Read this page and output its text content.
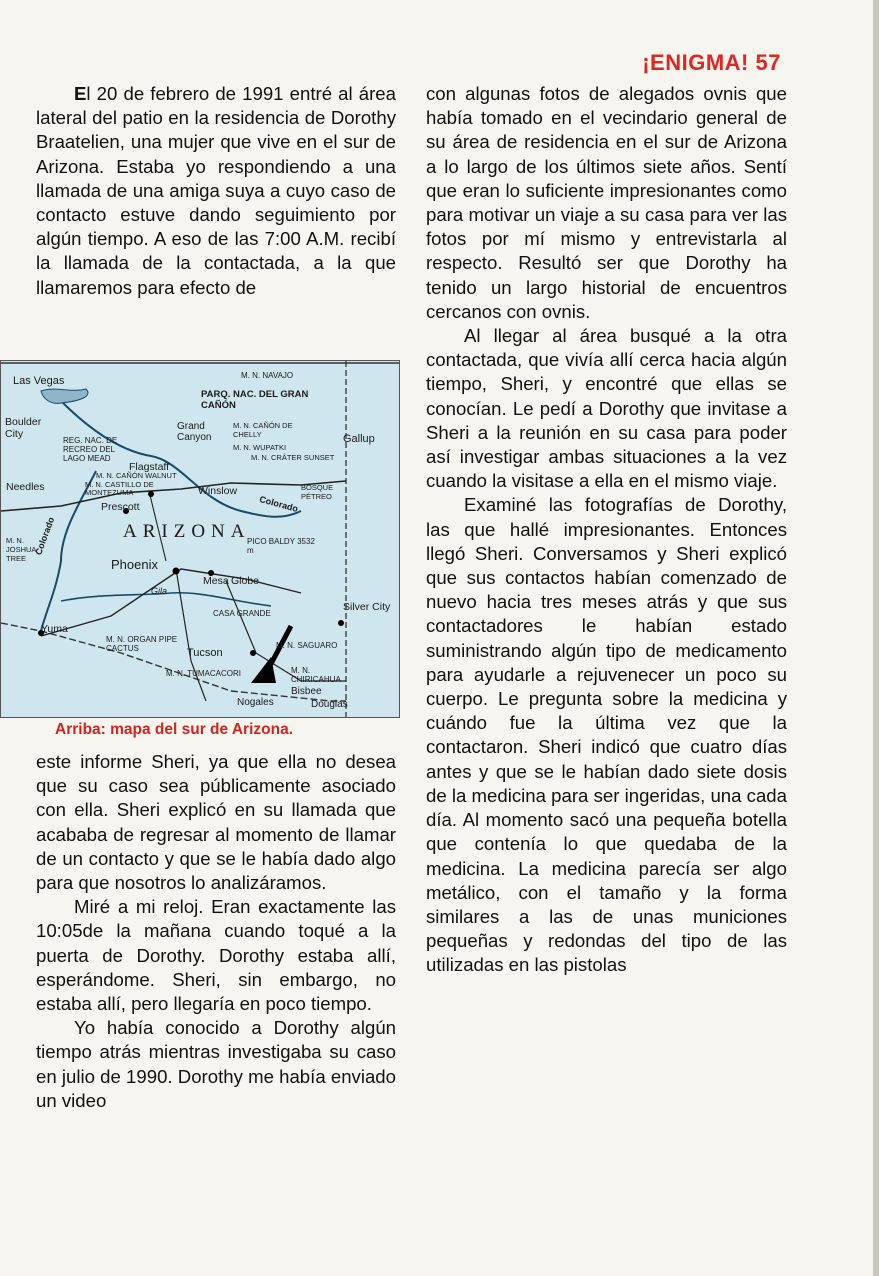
¡ENIGMA! 57

El 20 de febrero de 1991 entré al área lateral del patio en la residencia de Dorothy Braatelien, una mujer que vive en el sur de Arizona. Estaba yo respondiendo a una llamada de una amiga suya a cuyo caso de contacto estuve dando seguimiento por algún tiempo. A eso de las 7:00 A.M. recibí la llamada de la contactada, a la que llamaremos para efecto de

Las Vegas
Boulder City
REG. NAC. DE RECREO DEL LAGO MEAD
PARQ. NAC. DEL GRAN CAÑÓN
M. N. NAVAJO
Grand Canyon
M. N. CAÑÓN DE CHELLY
M. N. WUPATKI
M. N. CRÁTER SUNSET
Gallup
Flagstaff
M. N. CAÑÓN WALNUT
M. N. CASTILLO DE MONTEZUMA	Winslow	BOSQUE PÉTREO
Colorado
Needles
Prescott
ARIZONA
PICO BALDY 3532 m
M. N. JOSHUA TREE	Phoenix
Mesa Globe
Gila
Colorado
CASA GRANDE
Silver City
Yuma
M. N. ORGAN PIPE CACTUS	Tucson
M. N. SAGUARO
M. N. CHIRICAHUA
M. N. TUMACACORI
Bisbee
Nogales	Douglas
Arriba: mapa del sur de Arizona.

este informe Sheri, ya que ella no desea que su caso sea públicamente asociado con ella. Sheri explicó en su llamada que acababa de regresar al momento de llamar de un contacto y que se le había dado algo para que nosotros lo analizáramos.

Miré a mi reloj. Eran exactamente las 10:05de la mañana cuando toqué a la puerta de Dorothy. Dorothy estaba allí, esperándome. Sheri, sin embargo, no estaba allí, pero llegaría en poco tiempo.

Yo había conocido a Dorothy algún tiempo atrás mientras investigaba su caso en julio de 1990. Dorothy me había enviado un video

con algunas fotos de alegados ovnis que había tomado en el vecindario general de su área de residencia en el sur de Arizona a lo largo de los últimos siete años. Sentí que eran lo suficiente impresionantes como para motivar un viaje a su casa para ver las fotos por mí mismo y entrevistarla al respecto. Resultó ser que Dorothy ha tenido un largo historial de encuentros cercanos con ovnis.

Al llegar al área busqué a la otra contactada, que vivía allí cerca hacia algún tiempo, Sheri, y encontré que ellas se conocían. Le pedí a Dorothy que invitase a Sheri a la reunión en su casa para poder así investigar ambas situaciones a la vez cuando la visitase a ella en el mismo viaje.

Examiné las fotografías de Dorothy, las que hallé impresionantes. Entonces llegó Sheri. Conversamos y Sheri explicó que sus contactos habían comenzado de nuevo hacia tres meses atrás y que sus contactadores le habían estado suministrando algún tipo de medicamento para ayudarle a rejuvenecer un poco su cuerpo. Le pregunta sobre la medicina y cuándo fue la última vez que la contactaron. Sheri indicó que cuatro días antes y que se le habían dado siete dosis de la medicina para ser ingeridas, una cada día. Al momento sacó una pequeña botella que contenía lo que quedaba de la medicina. La medicina parecía ser algo metálico, con el tamaño y la forma similares a las de unas municiones pequeñas y redondas del tipo de las utilizadas en las pistolas
